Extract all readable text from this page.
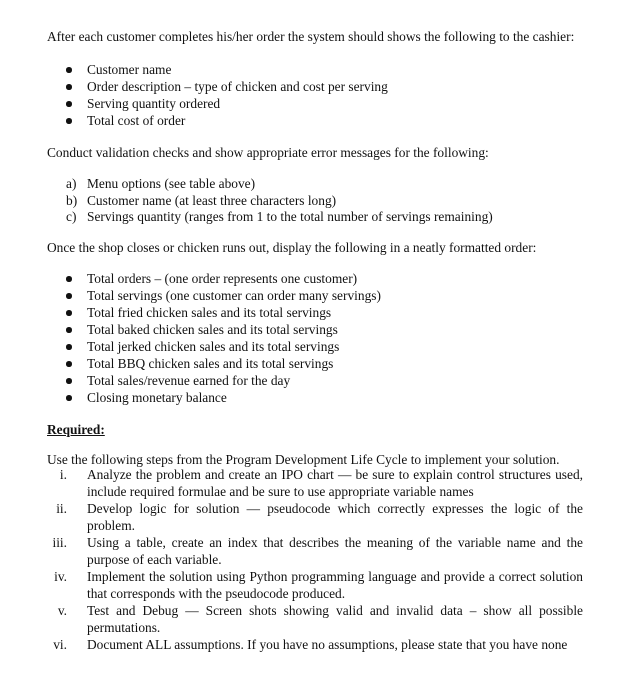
After each customer completes his/her order the system should shows the following to the cashier:
Customer name
Order description – type of chicken and cost per serving
Serving quantity ordered
Total cost of order
Conduct validation checks and show appropriate error messages for the following:
a) Menu options (see table above)
b) Customer name (at least three characters long)
c) Servings quantity (ranges from 1 to the total number of servings remaining)
Once the shop closes or chicken runs out, display the following in a neatly formatted order:
Total orders – (one order represents one customer)
Total servings (one customer can order many servings)
Total fried chicken sales and its total servings
Total baked chicken sales and its total servings
Total jerked chicken sales and its total servings
Total BBQ chicken sales and its total servings
Total sales/revenue earned for the day
Closing monetary balance
Required:
Use the following steps from the Program Development Life Cycle to implement your solution.
i. Analyze the problem and create an IPO chart — be sure to explain control structures used, include required formulae and be sure to use appropriate variable names
ii. Develop logic for solution — pseudocode which correctly expresses the logic of the problem.
iii. Using a table, create an index that describes the meaning of the variable name and the purpose of each variable.
iv. Implement the solution using Python programming language and provide a correct solution that corresponds with the pseudocode produced.
v. Test and Debug — Screen shots showing valid and invalid data – show all possible permutations.
vi. Document ALL assumptions. If you have no assumptions, please state that you have none
